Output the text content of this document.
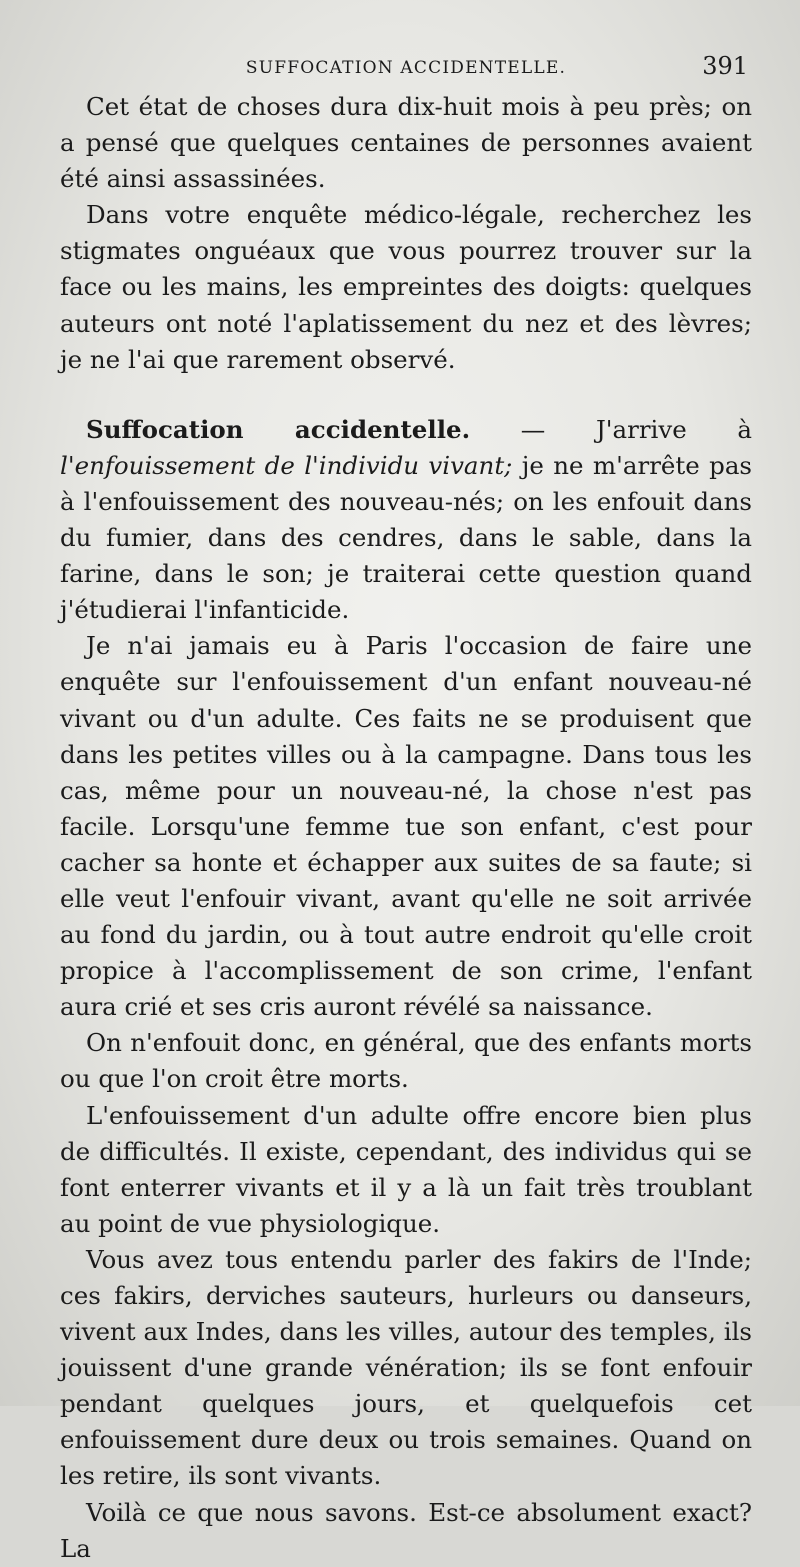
SUFFOCATION ACCIDENTELLE.	391

Cet état de choses dura dix-huit mois à peu près; on a pensé que quelques centaines de personnes avaient été ainsi assassinées.

Dans votre enquête médico-légale, recherchez les stigmates onguéaux que vous pourrez trouver sur la face ou les mains, les empreintes des doigts: quelques auteurs ont noté l'aplatissement du nez et des lèvres; je ne l'ai que rarement observé.

Suffocation accidentelle. — J'arrive à l'enfouissement de l'individu vivant; je ne m'arrête pas à l'enfouissement des nouveau-nés; on les enfouit dans du fumier, dans des cendres, dans le sable, dans la farine, dans le son; je traiterai cette question quand j'étudierai l'infanticide.

Je n'ai jamais eu à Paris l'occasion de faire une enquête sur l'enfouissement d'un enfant nouveau-né vivant ou d'un adulte. Ces faits ne se produisent que dans les petites villes ou à la campagne. Dans tous les cas, même pour un nouveau-né, la chose n'est pas facile. Lorsqu'une femme tue son enfant, c'est pour cacher sa honte et échapper aux suites de sa faute; si elle veut l'enfouir vivant, avant qu'elle ne soit arrivée au fond du jardin, ou à tout autre endroit qu'elle croit propice à l'accomplissement de son crime, l'enfant aura crié et ses cris auront révélé sa naissance.

On n'enfouit donc, en général, que des enfants morts ou que l'on croit être morts.

L'enfouissement d'un adulte offre encore bien plus de difficultés. Il existe, cependant, des individus qui se font enterrer vivants et il y a là un fait très troublant au point de vue physiologique.

Vous avez tous entendu parler des fakirs de l'Inde; ces fakirs, derviches sauteurs, hurleurs ou danseurs, vivent aux Indes, dans les villes, autour des temples, ils jouissent d'une grande vénération; ils se font enfouir pendant quelques jours, et quelquefois cet enfouissement dure deux ou trois semaines. Quand on les retire, ils sont vivants.

Voilà ce que nous savons. Est-ce absolument exact? La
